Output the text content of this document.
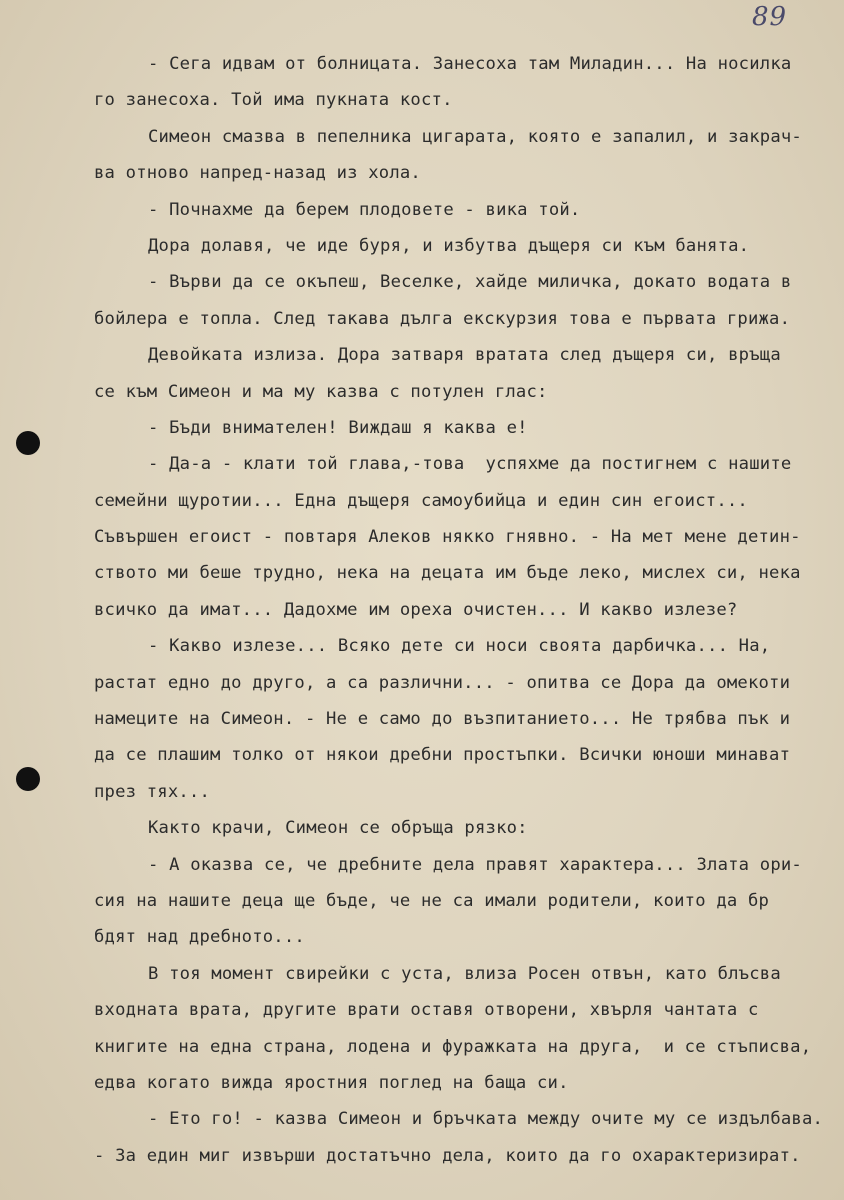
89
- Сега идвам от болницата. Занесоха там Миладин... На носилка
го занесоха. Той има пукната кост.
Симеон смазва в пепелника цигарата, която е запалил, и закрач-
ва отново напред-назад из хола.
- Почнахме да берем плодовете - вика той.
Дора долавя, че иде буря, и избутва дъщеря си към банята.
- Върви да се окъпеш, Веселке, хайде миличка, докато водата в
бойлера е топла. След такава дълга екскурзия това е първата грижа.
Девойката излиза. Дора затваря вратата след дъщеря си, връща
се към Симеон и ма му казва с потулен глас:
- Бъди внимателен! Виждаш я каква е!
- Да-а - клати той глава,-това  успяхме да постигнем с нашите
семейни щуротии... Една дъщеря самоубийца и един син егоист...
Съвършен егоист - повтаря Алеков някко гнявно. - На мет мене детин-
ството ми беше трудно, нека на децата им бъде леко, мислех си, нека
всичко да имат... Дадохме им ореха очистен... И какво излезе?
- Какво излезе... Всяко дете си носи своята дарбичка... На,
растат едно до друго, а са различни... - опитва се Дора да омекоти
намеците на Симеон. - Не е само до възпитанието... Не трябва пък и
да се плашим толко от някои дребни простъпки. Всички юноши минават
през тях...
Както крачи, Симеон се обръща рязко:
- А оказва се, че дребните дела правят характера... Злата ори-
сия на нашите деца ще бъде, че не са имали родители, които да бр
бдят над дребното...
В тоя момент свирейки с уста, влиза Росен отвън, като блъсва
входната врата, другите врати оставя отворени, хвърля чантата с
книгите на една страна, лодена и фуражката на друга,  и се стъписва,
едва когато вижда яростния поглед на баща си.
- Ето го! - казва Симеон и бръчката между очите му се издълбава.
- За един миг извърши достатъчно дела, които да го охарактеризират.
